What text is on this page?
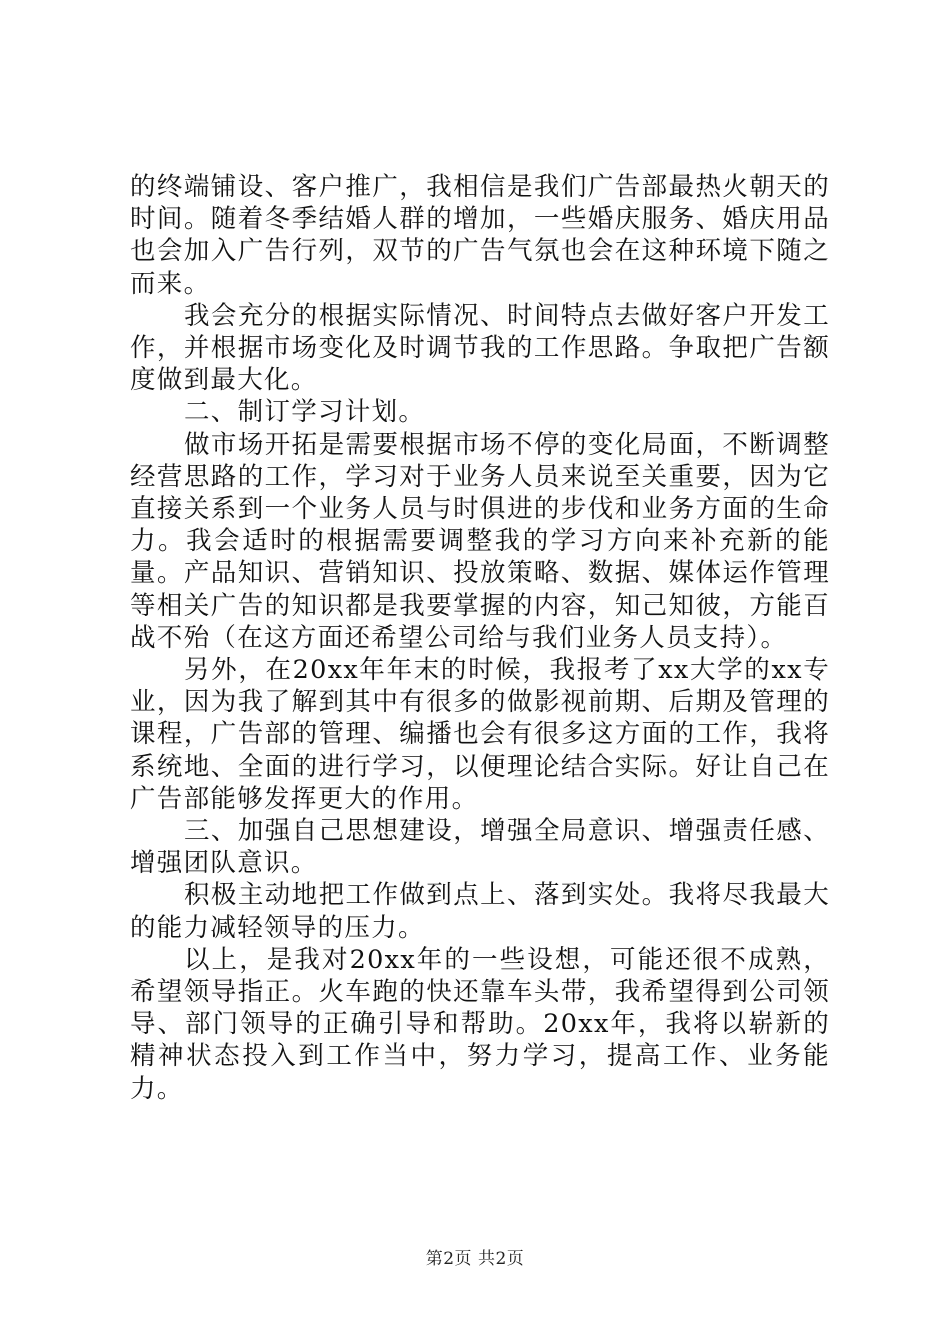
的终端铺设、客户推广，我相信是我们广告部最热火朝天的时间。随着冬季结婚人群的增加，一些婚庆服务、婚庆用品也会加入广告行列，双节的广告气氛也会在这种环境下随之而来。

我会充分的根据实际情况、时间特点去做好客户开发工作，并根据市场变化及时调节我的工作思路。争取把广告额度做到最大化。

二、制订学习计划。

做市场开拓是需要根据市场不停的变化局面，不断调整经营思路的工作，学习对于业务人员来说至关重要，因为它直接关系到一个业务人员与时俱进的步伐和业务方面的生命力。我会适时的根据需要调整我的学习方向来补充新的能量。产品知识、营销知识、投放策略、数据、媒体运作管理等相关广告的知识都是我要掌握的内容，知己知彼，方能百战不殆（在这方面还希望公司给与我们业务人员支持）。

另外，在20xx年年末的时候，我报考了xx大学的xx专业，因为我了解到其中有很多的做影视前期、后期及管理的课程，广告部的管理、编播也会有很多这方面的工作，我将系统地、全面的进行学习，以便理论结合实际。好让自己在广告部能够发挥更大的作用。

三、加强自己思想建设，增强全局意识、增强责任感、增强团队意识。

积极主动地把工作做到点上、落到实处。我将尽我最大的能力减轻领导的压力。

以上，是我对20xx年的一些设想，可能还很不成熟，希望领导指正。火车跑的快还靠车头带，我希望得到公司领导、部门领导的正确引导和帮助。20xx年，我将以崭新的精神状态投入到工作当中，努力学习，提高工作、业务能力。

第2页 共2页
